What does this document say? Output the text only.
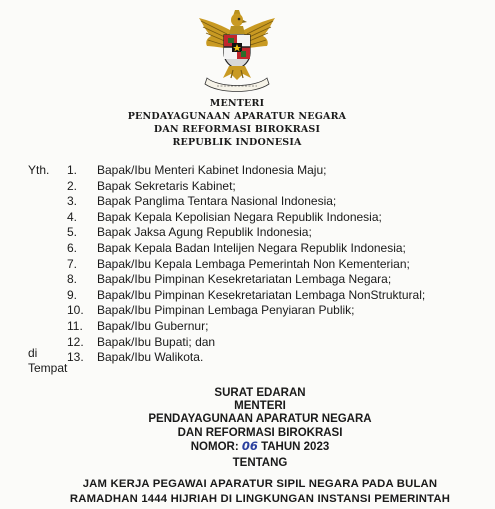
MENTERI
PENDAYAGUNAAN APARATUR NEGARA
DAN REFORMASI BIROKRASI
REPUBLIK INDONESIA
Yth. 1.	Bapak/Ibu Menteri Kabinet Indonesia Maju;
2.	Bapak Sekretaris Kabinet;
3.	Bapak Panglima Tentara Nasional Indonesia;
4.	Bapak Kepala Kepolisian Negara Republik Indonesia;
5.	Bapak Jaksa Agung Republik Indonesia;
6.	Bapak Kepala Badan Intelijen Negara Republik Indonesia;
7.	Bapak/Ibu Kepala Lembaga Pemerintah Non Kementerian;
8.	Bapak/Ibu Pimpinan Kesekretariatan Lembaga Negara;
9.	Bapak/Ibu Pimpinan Kesekretariatan Lembaga NonStruktural;
10.	Bapak/Ibu Pimpinan Lembaga Penyiaran Publik;
11.	Bapak/Ibu Gubernur;
12.	Bapak/Ibu Bupati; dan
13.	Bapak/Ibu Walikota.
di
Tempat
SURAT EDARAN
MENTERI
PENDAYAGUNAAN APARATUR NEGARA
DAN REFORMASI BIROKRASI
NOMOR: 06 TAHUN 2023
TENTANG
JAM KERJA PEGAWAI APARATUR SIPIL NEGARA PADA BULAN
RAMADHAN 1444 HIJRIAH DI LINGKUNGAN INSTANSI PEMERINTAH
